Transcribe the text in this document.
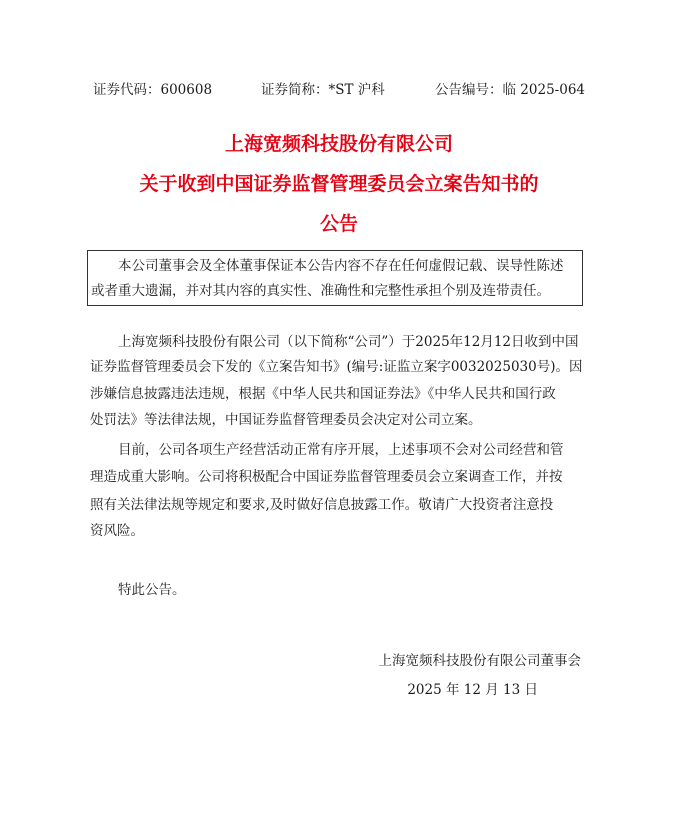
证券代码：600608	证券简称：*ST 沪科	公告编号：临 2025-064
上海宽频科技股份有限公司
关于收到中国证券监督管理委员会立案告知书的
公告

本公司董事会及全体董事保证本公告内容不存在任何虚假记载、误导性陈述

或者重大遗漏，并对其内容的真实性、准确性和完整性承担个别及连带责任。

上海宽频科技股份有限公司（以下简称“公司”）于2025年12月12日收到中国
证券监督管理委员会下发的《立案告知书》(编号:证监立案字0032025030号)。因
涉嫌信息披露违法违规，根据《中华人民共和国证券法》《中华人民共和国行政
处罚法》等法律法规，中国证券监督管理委员会决定对公司立案。
目前，公司各项生产经营活动正常有序开展，上述事项不会对公司经营和管
理造成重大影响。公司将积极配合中国证券监督管理委员会立案调查工作，并按
照有关法律法规等规定和要求,及时做好信息披露工作。敬请广大投资者注意投
资风险。
特此公告。
上海宽频科技股份有限公司董事会
2025 年 12 月 13 日
